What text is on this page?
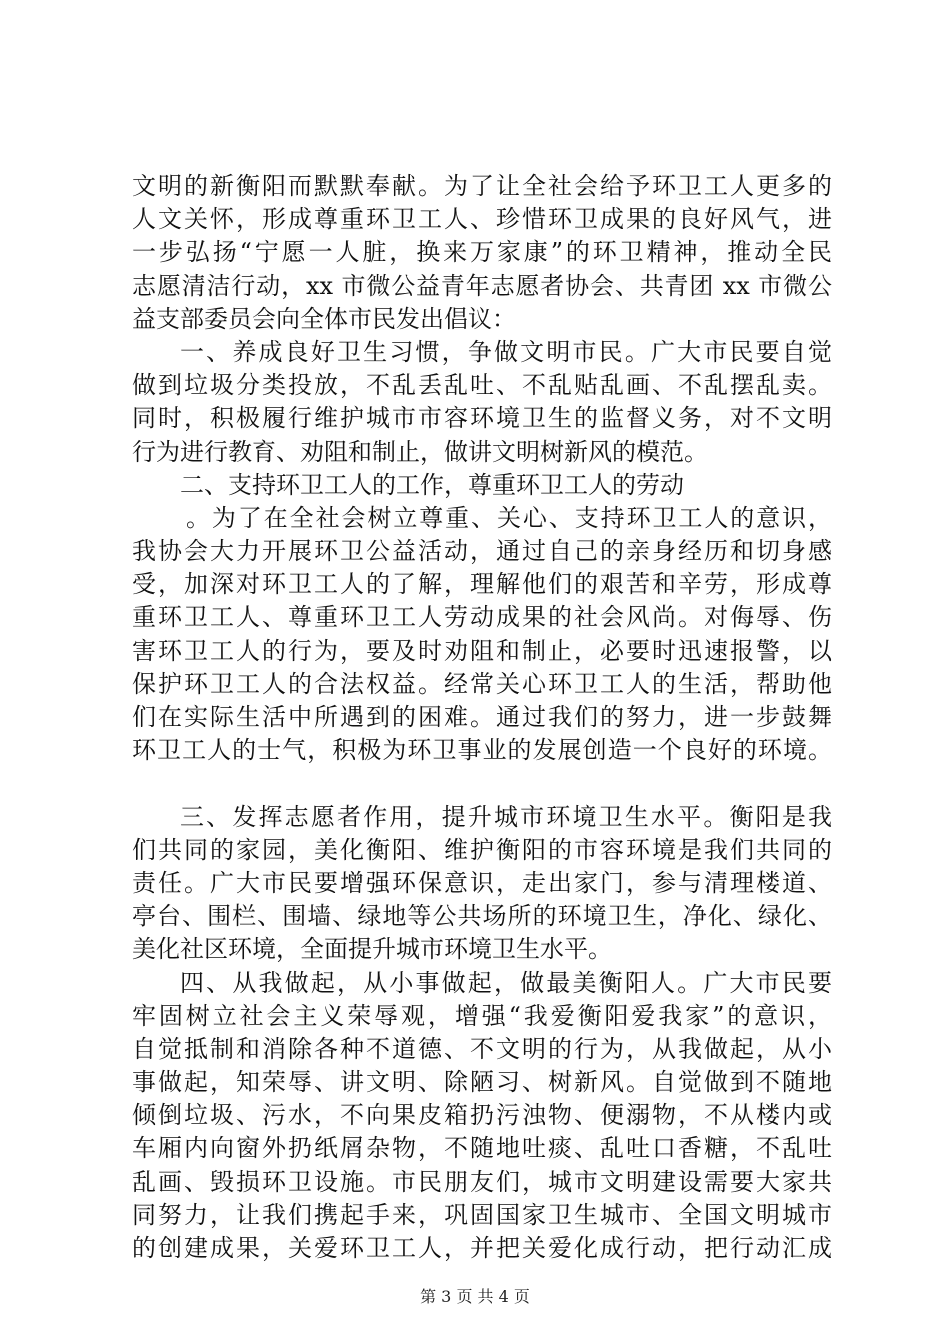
文明的新衡阳而默默奉献。为了让全社会给予环卫工人更多的
人文关怀，形成尊重环卫工人、珍惜环卫成果的良好风气，进
一步弘扬“宁愿一人脏，换来万家康”的环卫精神，推动全民
志愿清洁行动，xx 市微公益青年志愿者协会、共青团 xx 市微公
益支部委员会向全体市民发出倡议：
一、养成良好卫生习惯，争做文明市民。广大市民要自觉
做到垃圾分类投放，不乱丢乱吐、不乱贴乱画、不乱摆乱卖。
同时，积极履行维护城市市容环境卫生的监督义务，对不文明
行为进行教育、劝阻和制止，做讲文明树新风的模范。
二、支持环卫工人的工作，尊重环卫工人的劳动
。为了在全社会树立尊重、关心、支持环卫工人的意识，
我协会大力开展环卫公益活动，通过自己的亲身经历和切身感
受，加深对环卫工人的了解，理解他们的艰苦和辛劳，形成尊
重环卫工人、尊重环卫工人劳动成果的社会风尚。对侮辱、伤
害环卫工人的行为，要及时劝阻和制止，必要时迅速报警，以
保护环卫工人的合法权益。经常关心环卫工人的生活，帮助他
们在实际生活中所遇到的困难。通过我们的努力，进一步鼓舞
环卫工人的士气，积极为环卫事业的发展创造一个良好的环境。
三、发挥志愿者作用，提升城市环境卫生水平。衡阳是我
们共同的家园，美化衡阳、维护衡阳的市容环境是我们共同的
责任。广大市民要增强环保意识，走出家门，参与清理楼道、
亭台、围栏、围墙、绿地等公共场所的环境卫生，净化、绿化、
美化社区环境，全面提升城市环境卫生水平。
四、从我做起，从小事做起，做最美衡阳人。广大市民要
牢固树立社会主义荣辱观，增强“我爱衡阳爱我家”的意识，
自觉抵制和消除各种不道德、不文明的行为，从我做起，从小
事做起，知荣辱、讲文明、除陋习、树新风。自觉做到不随地
倾倒垃圾、污水，不向果皮箱扔污浊物、便溺物，不从楼内或
车厢内向窗外扔纸屑杂物，不随地吐痰、乱吐口香糖，不乱吐
乱画、毁损环卫设施。市民朋友们，城市文明建设需要大家共
同努力，让我们携起手来，巩固国家卫生城市、全国文明城市
的创建成果，关爱环卫工人，并把关爱化成行动，把行动汇成
第 3 页 共 4 页
